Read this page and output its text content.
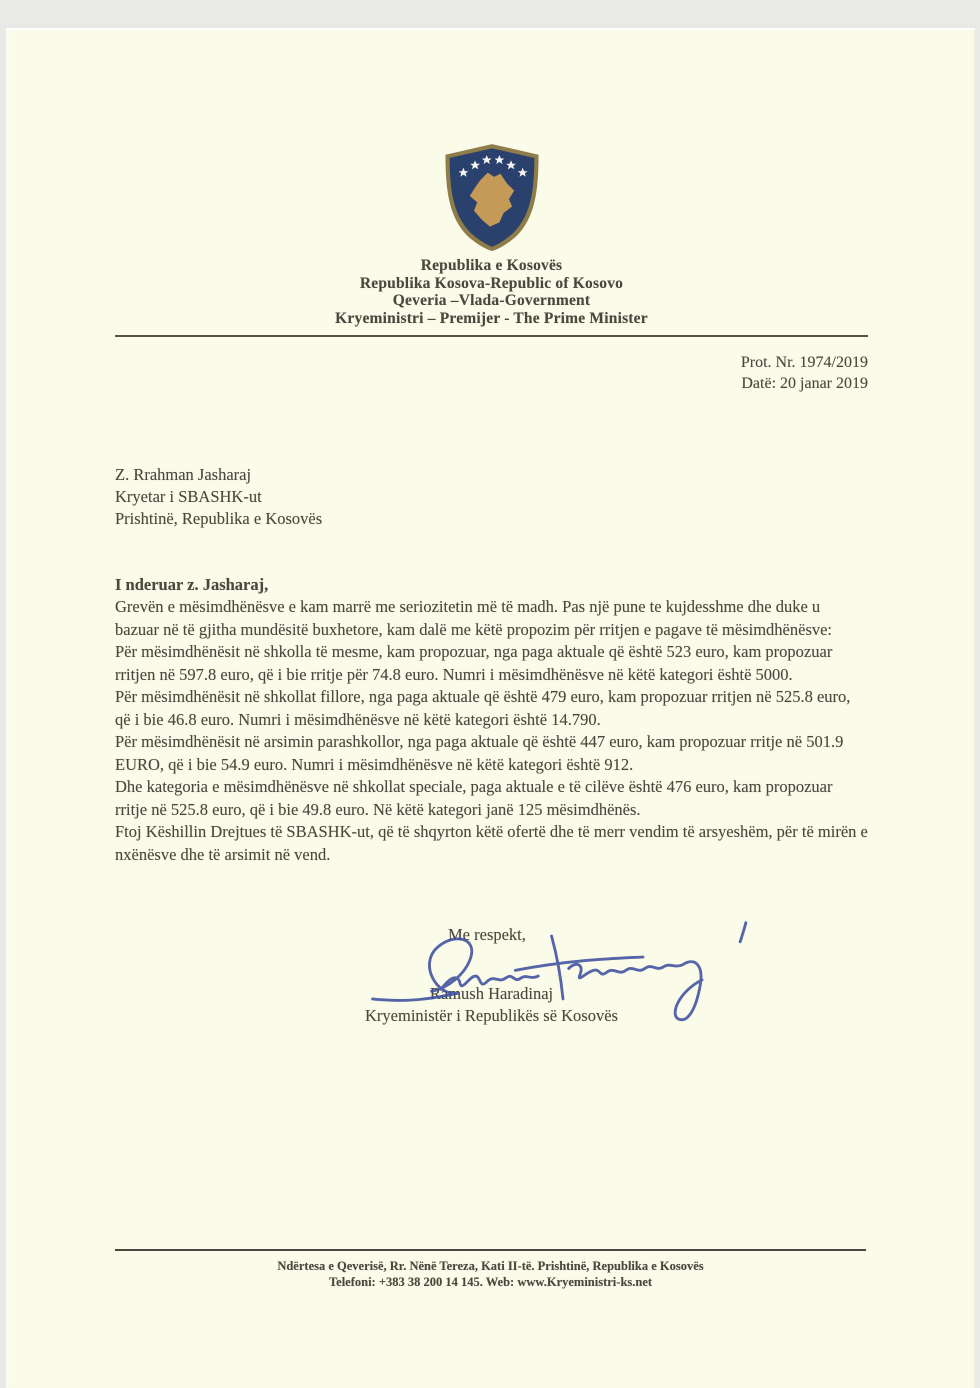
Republika e Kosovës
Republika Kosova-Republic of Kosovo
Qeveria –Vlada-Government
Kryeministri – Premijer - The Prime Minister
Prot. Nr. 1974/2019
Datë: 20 janar 2019
Z. Rrahman Jasharaj
Kryetar i SBASHK-ut
Prishtinë, Republika e Kosovës
I nderuar z. Jasharaj,

Grevën e mësimdhënësve e kam marrë me seriozitetin më të madh. Pas një pune te kujdesshme dhe duke u bazuar në të gjitha mundësitë buxhetore, kam dalë me këtë propozim për rritjen e pagave të mësimdhënësve:

Për mësimdhënësit në shkolla të mesme, kam propozuar, nga paga aktuale që është 523 euro, kam propozuar rritjen në 597.8 euro, që i bie rritje për 74.8 euro. Numri i mësimdhënësve në këtë kategori është 5000.

Për mësimdhënësit në shkollat fillore, nga paga aktuale që është 479 euro, kam propozuar rritjen në 525.8 euro, që i bie 46.8 euro. Numri i mësimdhënësve në këtë kategori është 14.790.

Për mësimdhënësit në arsimin parashkollor, nga paga aktuale që është 447 euro, kam propozuar rritje në 501.9 EURO, që i bie 54.9 euro. Numri i mësimdhënësve në këtë kategori është 912.

Dhe kategoria e mësimdhënësve në shkollat speciale, paga aktuale e të cilëve është 476 euro, kam propozuar rritje në 525.8 euro, që i bie 49.8 euro. Në këtë kategori janë 125 mësimdhënës.

Ftoj Këshillin Drejtues të SBASHK-ut, që të shqyrton këtë ofertë dhe të merr vendim të arsyeshëm, për të mirën e nxënësve dhe të arsimit në vend.

Me respekt,
Ramush Haradinaj
Kryeministër i Republikës së Kosovës
Ndërtesa e Qeverisë, Rr. Nënë Tereza, Kati II-të. Prishtinë, Republika e Kosovës
Telefoni: +383 38 200 14 145. Web: www.Kryeministri-ks.net
